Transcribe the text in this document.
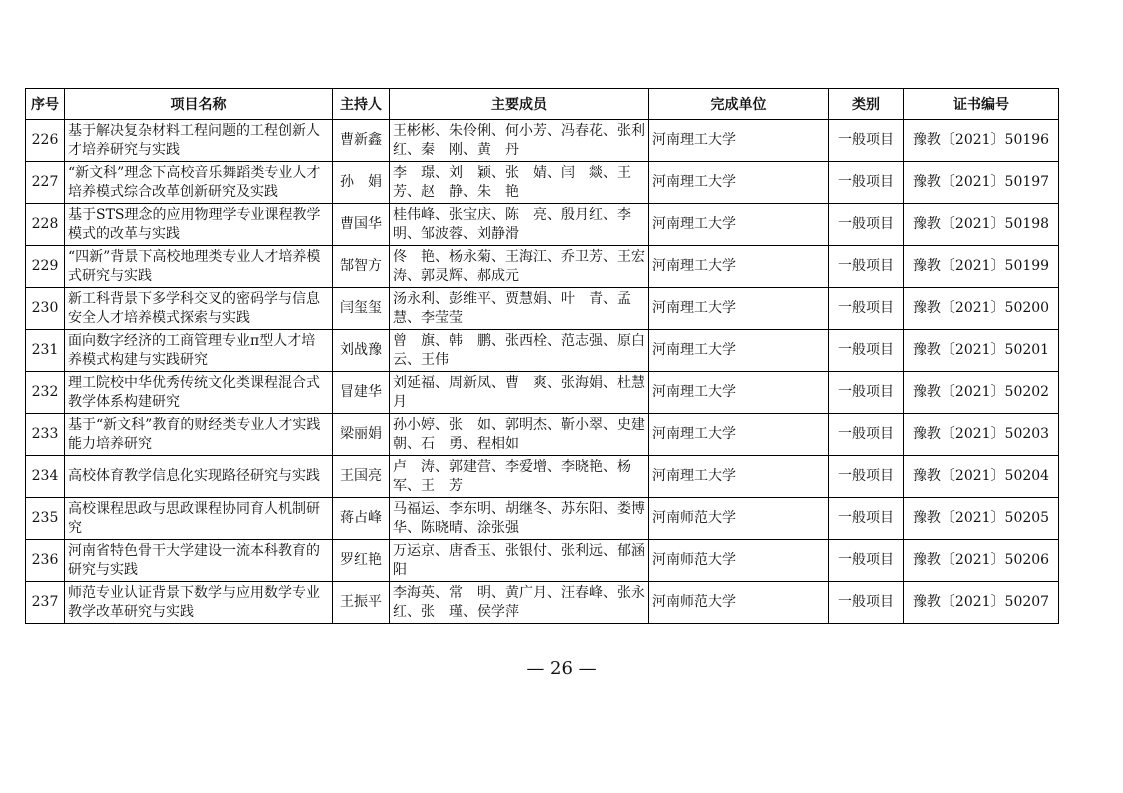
序号	项目名称	主持人	主要成员	完成单位	类别	证书编号
226	基于解决复杂材料工程问题的工程创新人才培养研究与实践	曹新鑫	王彬彬、朱伶俐、何小芳、冯春花、张利红、秦　刚、黄　丹	河南理工大学	一般项目	豫教〔2021〕50196
227	“新文科”理念下高校音乐舞蹈类专业人才培养模式综合改革创新研究及实践	孙　娟	李　璟、刘　颖、张　婧、闫　燚、王　芳、赵　静、朱　艳	河南理工大学	一般项目	豫教〔2021〕50197
228	基于STS理念的应用物理学专业课程教学模式的改革与实践	曹国华	桂伟峰、张宝庆、陈　亮、殷月红、李　明、邹波蓉、刘静滑	河南理工大学	一般项目	豫教〔2021〕50198
229	“四新”背景下高校地理类专业人才培养模式研究与实践	郜智方	佟　艳、杨永菊、王海江、乔卫芳、王宏涛、郭灵辉、郝成元	河南理工大学	一般项目	豫教〔2021〕50199
230	新工科背景下多学科交叉的密码学与信息安全人才培养模式探索与实践	闫玺玺	汤永利、彭维平、贾慧娟、叶　青、孟　慧、李莹莹	河南理工大学	一般项目	豫教〔2021〕50200
231	面向数字经济的工商管理专业π型人才培养模式构建与实践研究	刘战豫	曾　旗、韩　鹏、张西栓、范志强、原白云、王伟	河南理工大学	一般项目	豫教〔2021〕50201
232	理工院校中华优秀传统文化类课程混合式教学体系构建研究	冒建华	刘延福、周新凤、曹　爽、张海娟、杜慧月	河南理工大学	一般项目	豫教〔2021〕50202
233	基于“新文科”教育的财经类专业人才实践能力培养研究	梁丽娟	孙小婷、张　如、郭明杰、靳小翠、史建朝、石　勇、程相如	河南理工大学	一般项目	豫教〔2021〕50203
234	高校体育教学信息化实现路径研究与实践	王国亮	卢　涛、郭建营、李爱增、李晓艳、杨　军、王　芳	河南理工大学	一般项目	豫教〔2021〕50204
235	高校课程思政与思政课程协同育人机制研究	蒋占峰	马福运、李东明、胡继冬、苏东阳、娄博华、陈晓晴、涂张强	河南师范大学	一般项目	豫教〔2021〕50205
236	河南省特色骨干大学建设一流本科教育的研究与实践	罗红艳	万运京、唐香玉、张银付、张利远、郁涵阳	河南师范大学	一般项目	豫教〔2021〕50206
237	师范专业认证背景下数学与应用数学专业教学改革研究与实践	王振平	李海英、常　明、黄广月、汪春峰、张永红、张　瑾、侯学萍	河南师范大学	一般项目	豫教〔2021〕50207
— 26 —
